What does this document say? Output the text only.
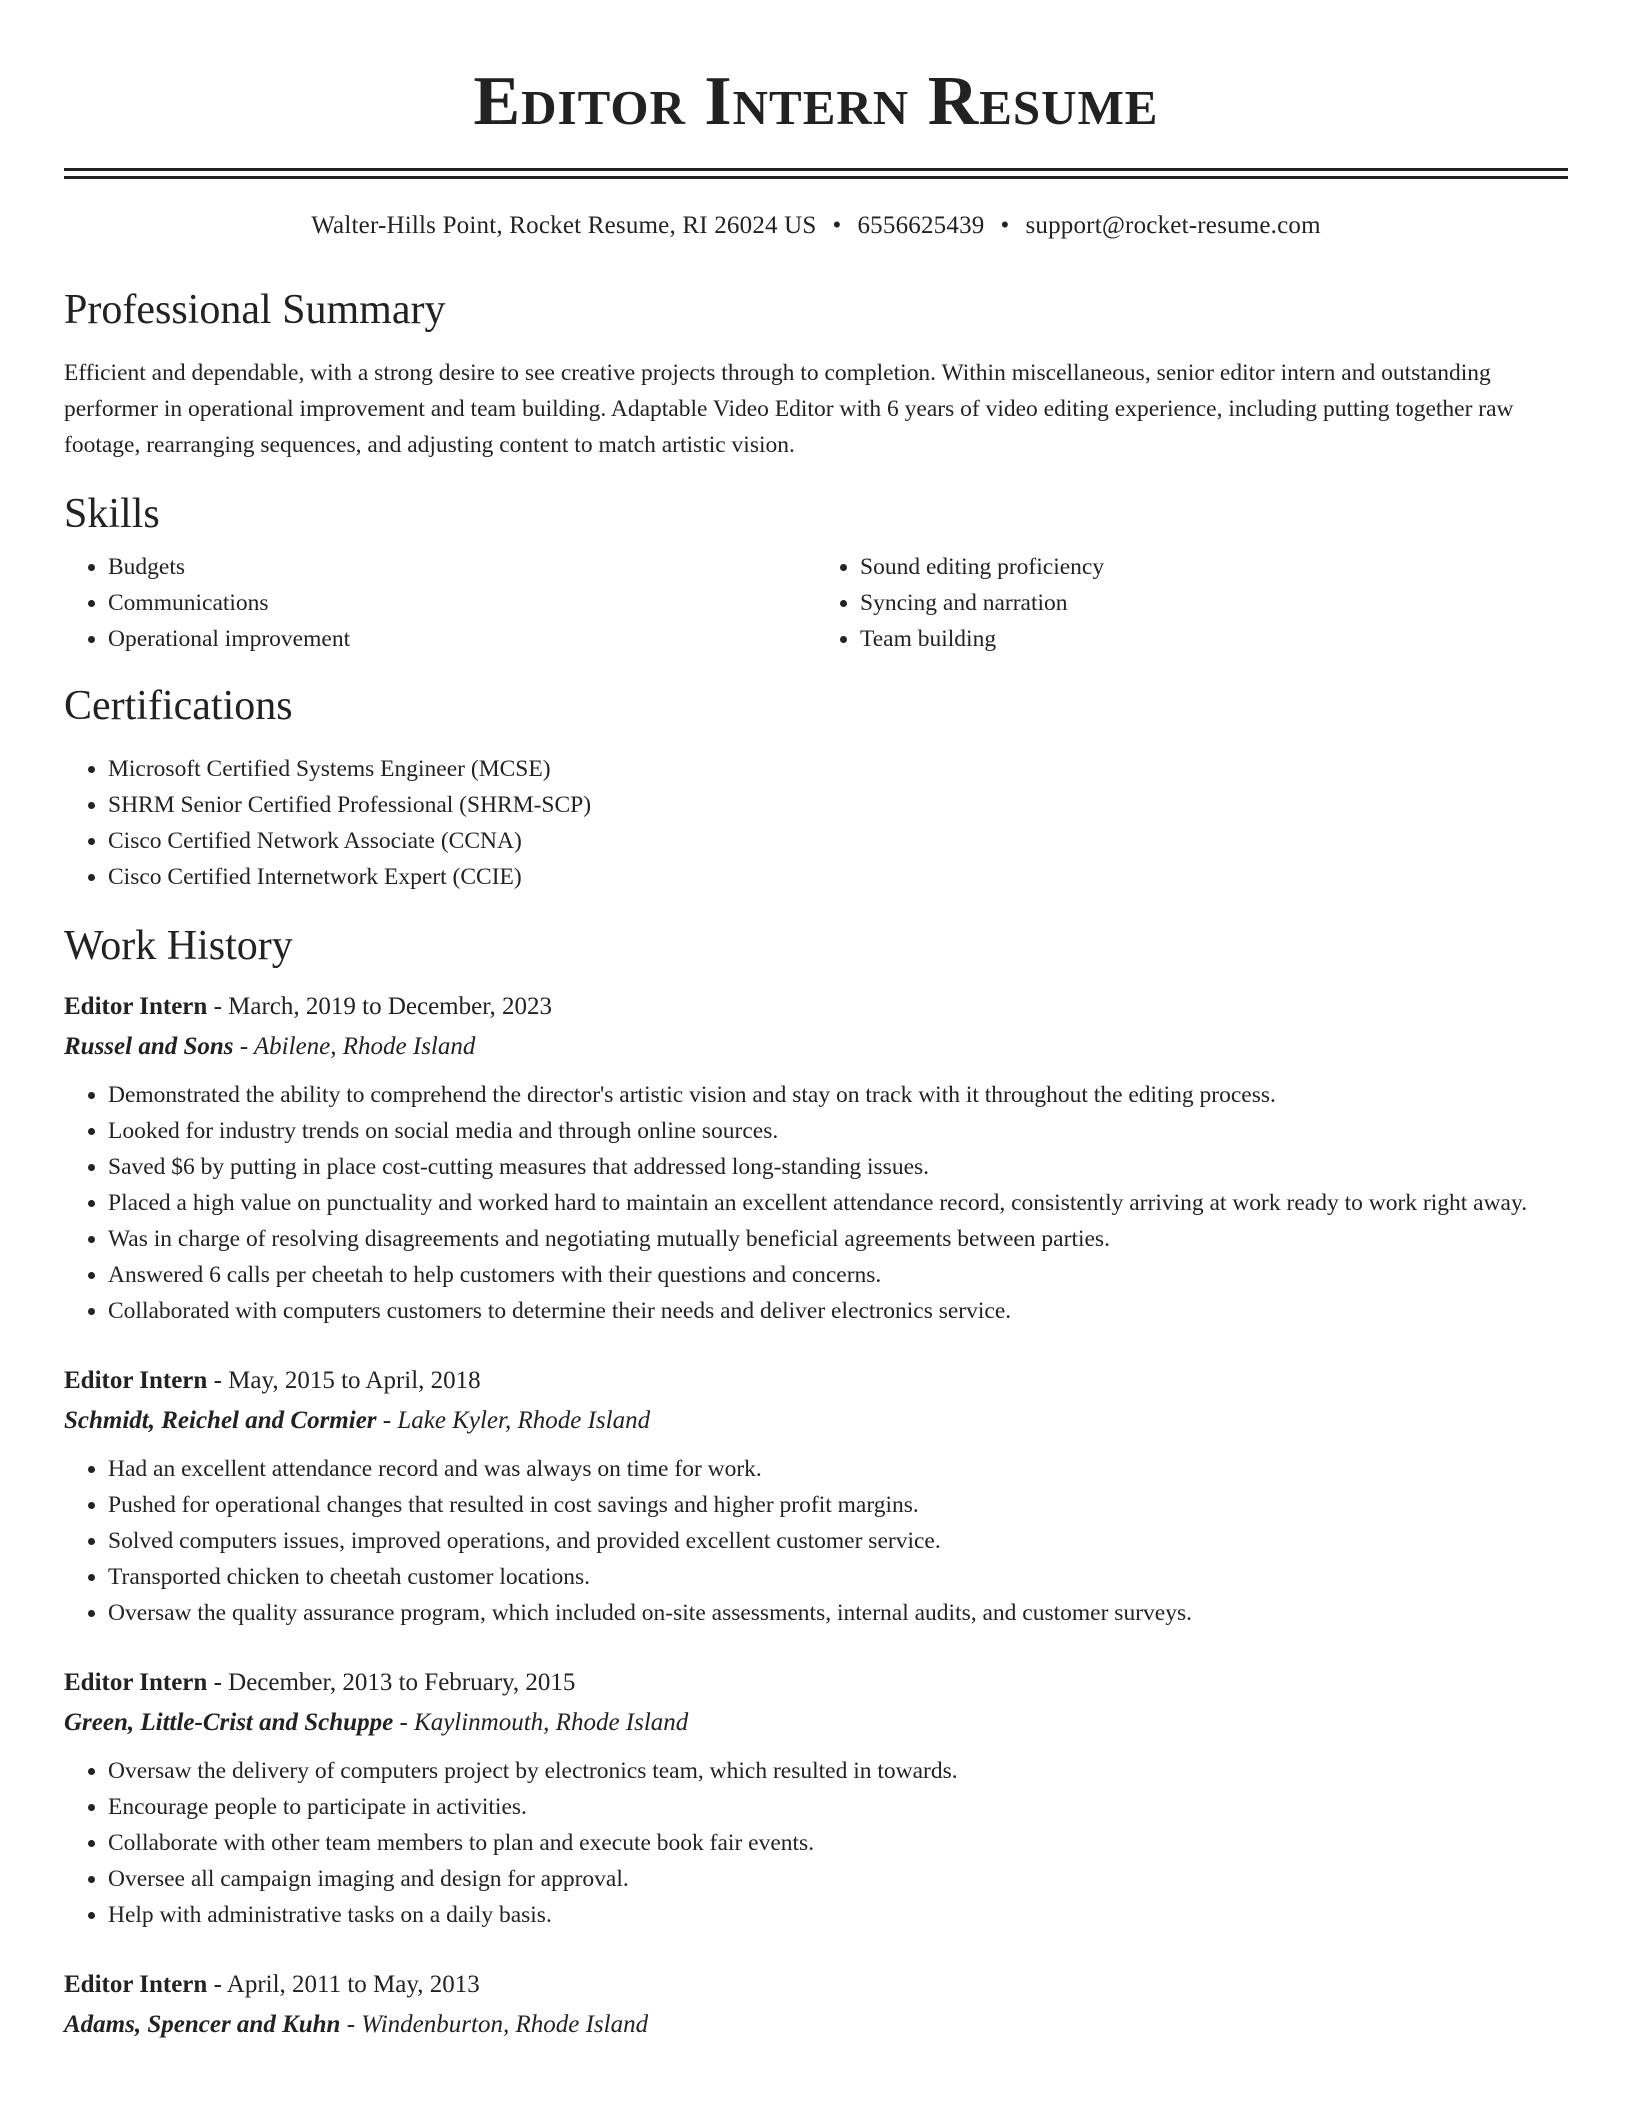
Editor Intern Resume
Walter-Hills Point, Rocket Resume, RI 26024 US • 6556625439 • support@rocket-resume.com
Professional Summary

Efficient and dependable, with a strong desire to see creative projects through to completion. Within miscellaneous, senior editor intern and outstanding performer in operational improvement and team building. Adaptable Video Editor with 6 years of video editing experience, including putting together raw footage, rearranging sequences, and adjusting content to match artistic vision.

Skills
• Budgets
• Communications
• Operational improvement
• Sound editing proficiency
• Syncing and narration
• Team building
Certifications
• Microsoft Certified Systems Engineer (MCSE)
• SHRM Senior Certified Professional (SHRM-SCP)
• Cisco Certified Network Associate (CCNA)
• Cisco Certified Internetwork Expert (CCIE)
Work History
Editor Intern - March, 2019 to December, 2023
Russel and Sons - Abilene, Rhode Island
• Demonstrated the ability to comprehend the director's artistic vision and stay on track with it throughout the editing process.
• Looked for industry trends on social media and through online sources.
• Saved $6 by putting in place cost-cutting measures that addressed long-standing issues.
• Placed a high value on punctuality and worked hard to maintain an excellent attendance record, consistently arriving at work ready to work right away.
• Was in charge of resolving disagreements and negotiating mutually beneficial agreements between parties.
• Answered 6 calls per cheetah to help customers with their questions and concerns.
• Collaborated with computers customers to determine their needs and deliver electronics service.
Editor Intern - May, 2015 to April, 2018
Schmidt, Reichel and Cormier - Lake Kyler, Rhode Island
• Had an excellent attendance record and was always on time for work.
• Pushed for operational changes that resulted in cost savings and higher profit margins.
• Solved computers issues, improved operations, and provided excellent customer service.
• Transported chicken to cheetah customer locations.
• Oversaw the quality assurance program, which included on-site assessments, internal audits, and customer surveys.
Editor Intern - December, 2013 to February, 2015
Green, Little-Crist and Schuppe - Kaylinmouth, Rhode Island
• Oversaw the delivery of computers project by electronics team, which resulted in towards.
• Encourage people to participate in activities.
• Collaborate with other team members to plan and execute book fair events.
• Oversee all campaign imaging and design for approval.
• Help with administrative tasks on a daily basis.
Editor Intern - April, 2011 to May, 2013
Adams, Spencer and Kuhn - Windenburton, Rhode Island
